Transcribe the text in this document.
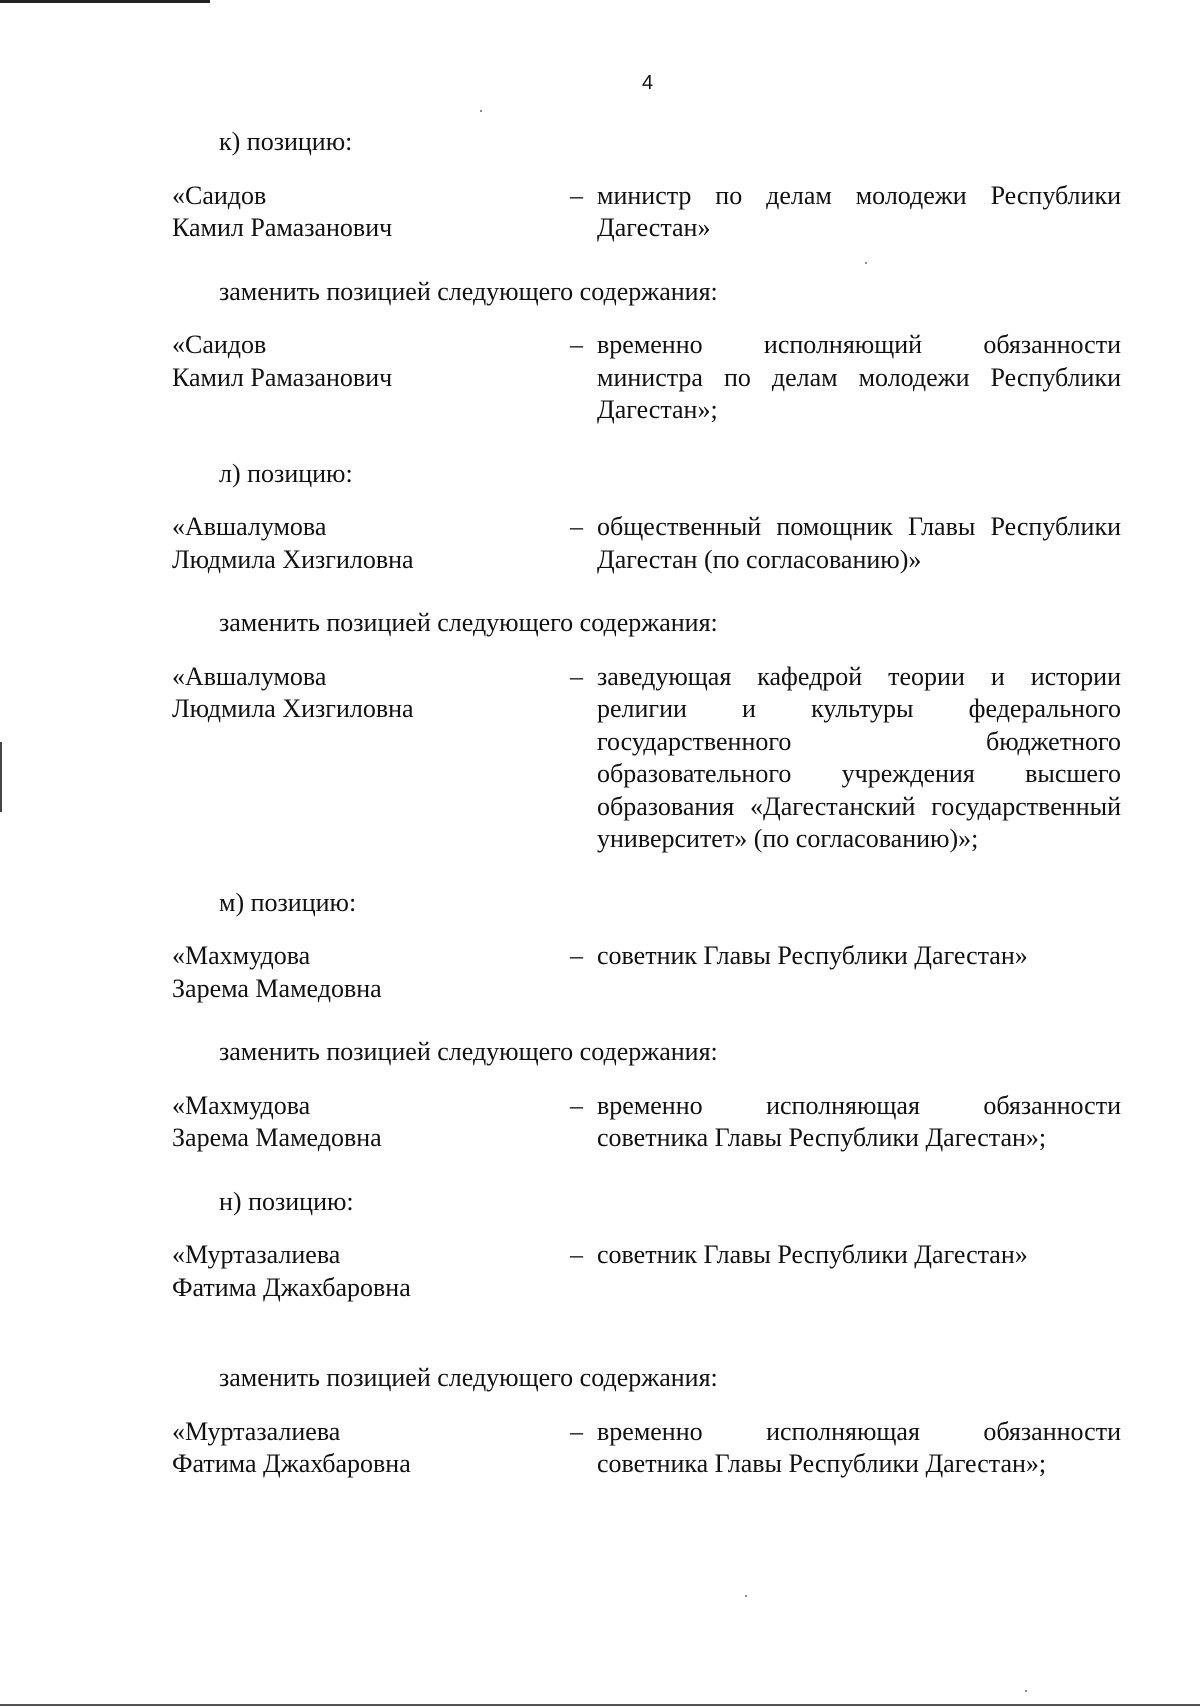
4
к) позицию:
«Саидов
Камил Рамазанович
– министр по делам молодежи Республики Дагестан»
заменить позицией следующего содержания:
«Саидов
Камил Рамазанович
– временно исполняющий обязанности министра по делам молодежи Республики Дагестан»;
л) позицию:
«Авшалумова
Людмила Хизгиловна
– общественный помощник Главы Республики Дагестан (по согласованию)»
заменить позицией следующего содержания:
«Авшалумова
Людмила Хизгиловна
– заведующая кафедрой теории и истории религии и культуры федерального государственного бюджетного образовательного учреждения высшего образования «Дагестанский государственный университет» (по согласованию)»;
м) позицию:
«Махмудова
Зарема Мамедовна
– советник Главы Республики Дагестан»
заменить позицией следующего содержания:
«Махмудова
Зарема Мамедовна
– временно исполняющая обязанности советника Главы Республики Дагестан»;
н) позицию:
«Муртазалиева
Фатима Джахбаровна
– советник Главы Республики Дагестан»
заменить позицией следующего содержания:
«Муртазалиева
Фатима Джахбаровна
– временно исполняющая обязанности советника Главы Республики Дагестан»;
